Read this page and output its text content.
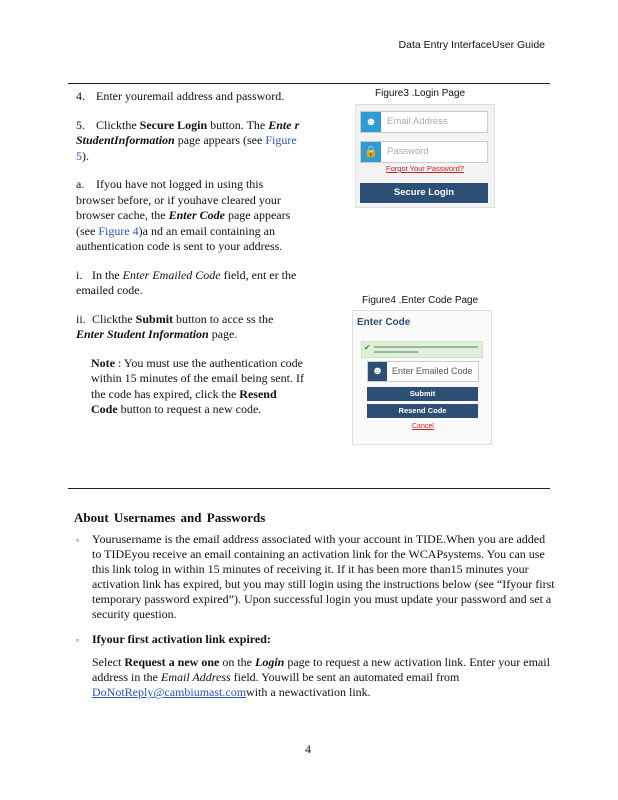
Data Entry InterfaceUser Guide

4. Enter youremail address and password.

5. Clickthe Secure Login button. The Ente r StudentInformation page appears (see Figure 5).

a. Ifyou have not logged in using this browser before, or if youhave cleared your browser cache, the Enter Code page appears (see Figure 4)a nd an email containing an authentication code is sent to your address.

i. In the Enter Emailed Code field, ent er the emailed code.

ii. Clickthe Submit button to acce ss the Enter Student Information page.

Note : You must use the authentication code within 15 minutes of the email being sent. If the code has expired, click the Resend Code button to request a new code.

Figure3 .Login Page
☻	Email Address
🔒 Password
Forgot Your Password?
Secure Login
Figure4 .Enter Code Page
Enter Code
✔
☻ Enter Emailed Code
Submit
Resend Code
Cancel
About Usernames and Passwords
▫ Yourusername is the email address associated with your account in TIDE.When you are added to TIDEyou receive an email containing an activation link for the WCAPsystems. You can use this link tolog in within 15 minutes of receiving it. If it has been more than15 minutes your activation link has expired, but you may still login using the instructions below (see “Ifyour first temporary password expired”). Upon successful login you must update your password and set a security question.
▫ Ifyour first activation link expired:
Select Request a new one on the Login page to request a new activation link. Enter your email address in the Email Address field. Youwill be sent an automated email from DoNotReply@cambiumast.comwith a newactivation link.
4
